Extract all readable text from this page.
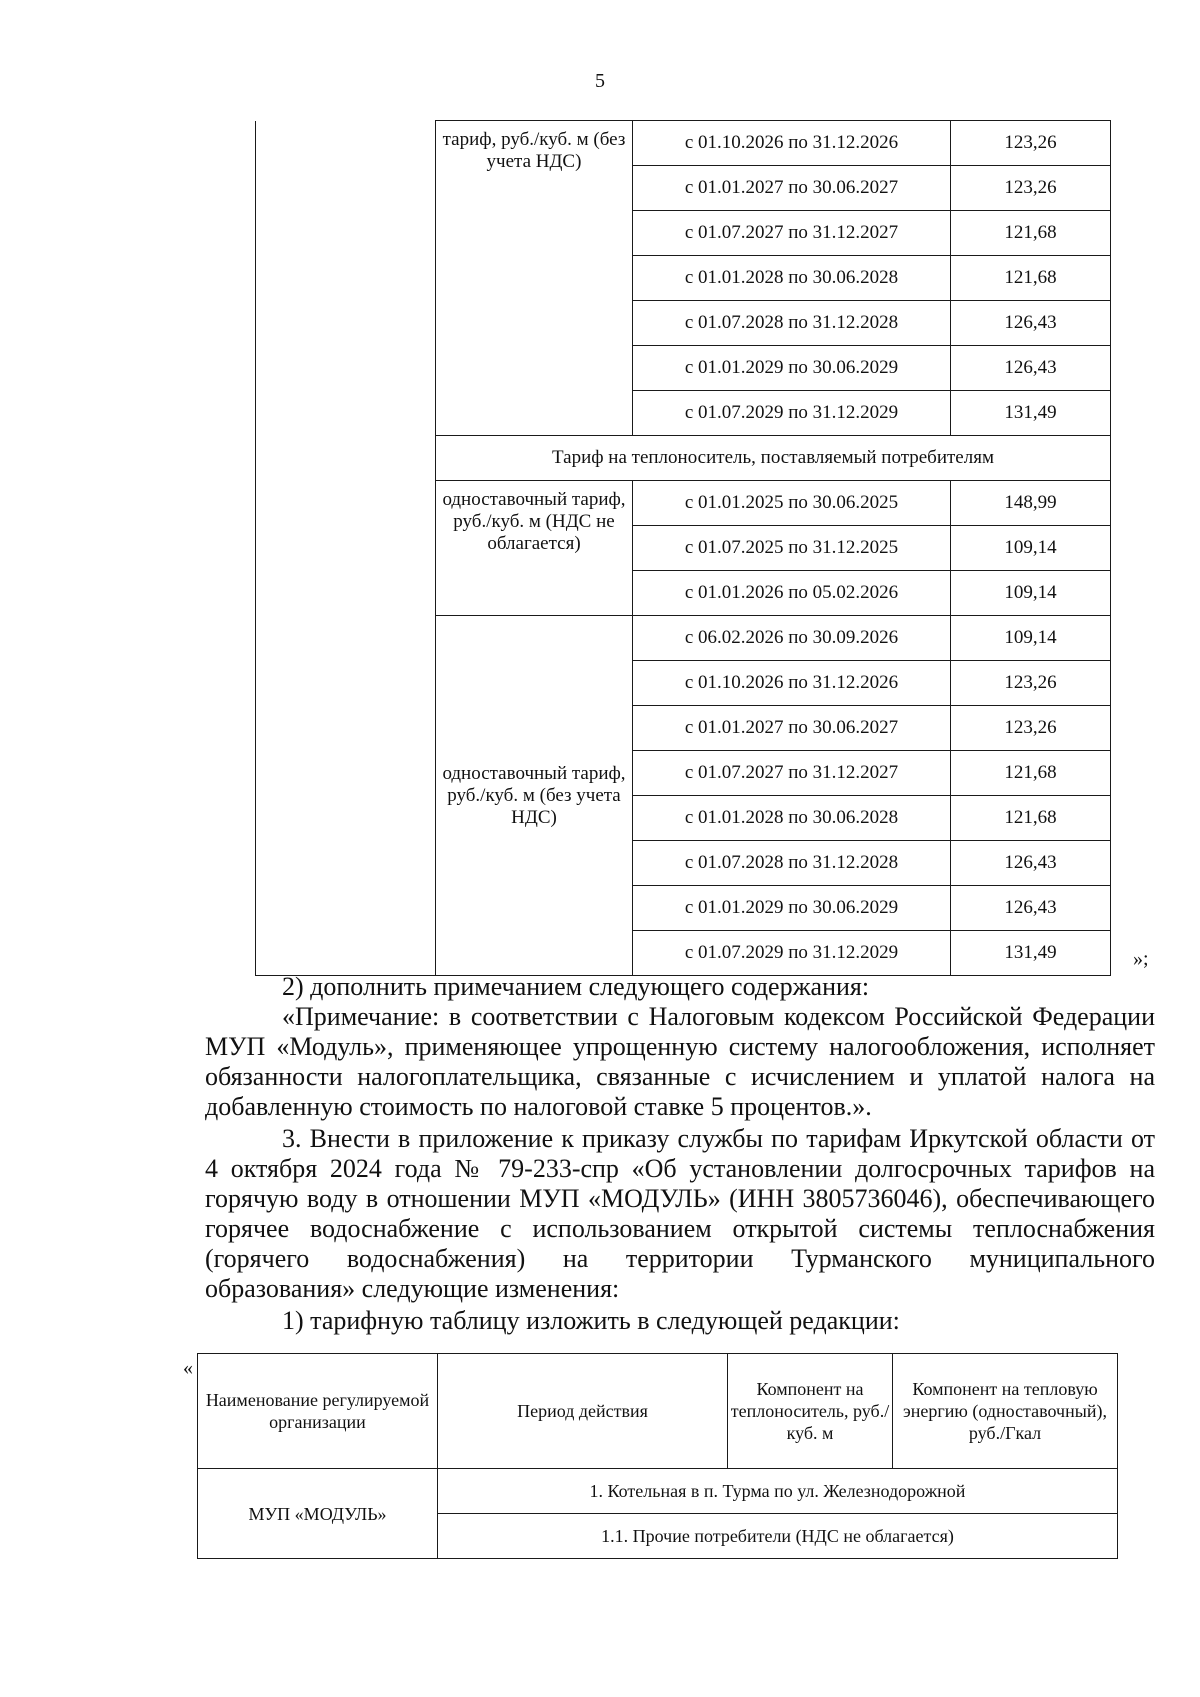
5
	тариф, руб./куб. м (без учета НДС)	с 01.10.2026 по 31.12.2026	123,26	
		с 01.01.2027 по 30.06.2027	123,26	
		с 01.07.2027 по 31.12.2027	121,68	
		с 01.01.2028 по 30.06.2028	121,68	
		с 01.07.2028 по 31.12.2028	126,43	
		с 01.01.2029 по 30.06.2029	126,43	
		с 01.07.2029 по 31.12.2029	131,49	
	Тариф на теплоноситель, поставляемый потребителям			
	одноставочный тариф, руб./куб. м (НДС не облагается)	с 01.01.2025 по 30.06.2025	148,99	
		с 01.07.2025 по 31.12.2025	109,14	
		с 01.01.2026 по 05.02.2026	109,14	
	одноставочный тариф, руб./куб. м (без учета НДС)	с 06.02.2026 по 30.09.2026	109,14	
		с 01.10.2026 по 31.12.2026	123,26	
		с 01.01.2027 по 30.06.2027	123,26	
		с 01.07.2027 по 31.12.2027	121,68	
		с 01.01.2028 по 30.06.2028	121,68	
		с 01.07.2028 по 31.12.2028	126,43	
		с 01.01.2029 по 30.06.2029	126,43	
		с 01.07.2029 по 31.12.2029	131,49		»;
2) дополнить примечанием следующего содержания:
«Примечание: в соответствии с Налоговым кодексом Российской Федерации МУП «Модуль», применяющее упрощенную систему налогообложения, исполняет обязанности налогоплательщика, связанные с исчислением и уплатой налога на добавленную стоимость по налоговой ставке 5 процентов.».
3. Внести в приложение к приказу службы по тарифам Иркутской области от 4 октября 2024 года № 79-233-спр «Об установлении долгосрочных тарифов на горячую воду в отношении МУП «МОДУЛЬ» (ИНН 3805736046), обеспечивающего горячее водоснабжение с использованием открытой системы теплоснабжения (горячего водоснабжения) на территории Турманского муниципального образования» следующие изменения:
1) тарифную таблицу изложить в следующей редакции:
«
Наименование регулируемой организации	Период действия	Компонент на теплоноситель, руб./куб. м	Компонент на тепловую энергию (одноставочный), руб./Гкал
МУП «МОДУЛЬ»	1. Котельная в п. Турма по ул. Железнодорожной		
	1.1. Прочие потребители (НДС не облагается)		
